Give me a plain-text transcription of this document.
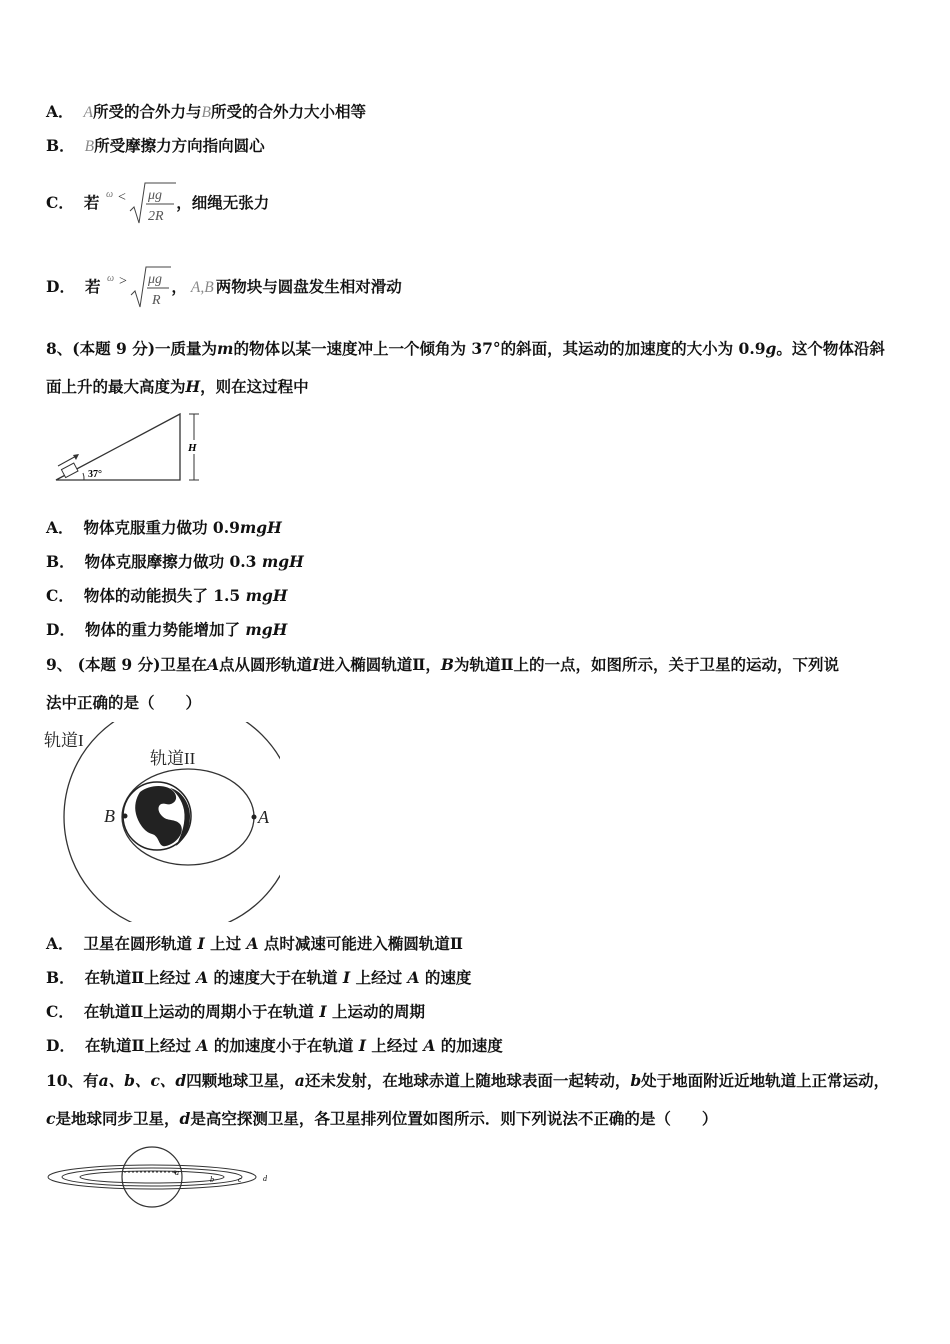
A． A所受的合外力与B所受的合外力大小相等
B． B所受摩擦力方向指向圆心
C． 若 ω < μg
2R
，细绳无张力
D． 若 ω > μg
R
， A,B 两物块与圆盘发生相对滑动
8、(本题 9 分)一质量为m的物体以某一速度冲上一个倾角为 37°的斜面，其运动的加速度的大小为 0.9g。这个物体沿斜
面上升的最大高度为H，则在这过程中
37°
H
A． 物体克服重力做功 0.9mgH
B． 物体克服摩擦力做功 0.3 mgH
C． 物体的动能损失了 1.5 mgH
D． 物体的重力势能增加了 mgH
9、 (本题 9 分)卫星在A点从圆形轨道I进入椭圆轨道Ⅱ，B为轨道Ⅱ上的一点，如图所示，关于卫星的运动，下列说
法中正确的是（　　）
轨道I
轨道II
B	A
A． 卫星在圆形轨道 I 上过 A 点时减速可能进入椭圆轨道Ⅱ
B． 在轨道Ⅱ上经过 A 的速度大于在轨道 I 上经过 A 的速度
C． 在轨道Ⅱ上运动的周期小于在轨道 I 上运动的周期
D． 在轨道Ⅱ上经过 A 的加速度小于在轨道 I 上经过 A 的加速度
10、有a、b、c、d四颗地球卫星，a还未发射，在地球赤道上随地球表面一起转动，b处于地面附近近地轨道上正常运动，
c是地球同步卫星，d是高空探测卫星，各卫星排列位置如图所示．则下列说法不正确的是（　　）
a
b	c	d
